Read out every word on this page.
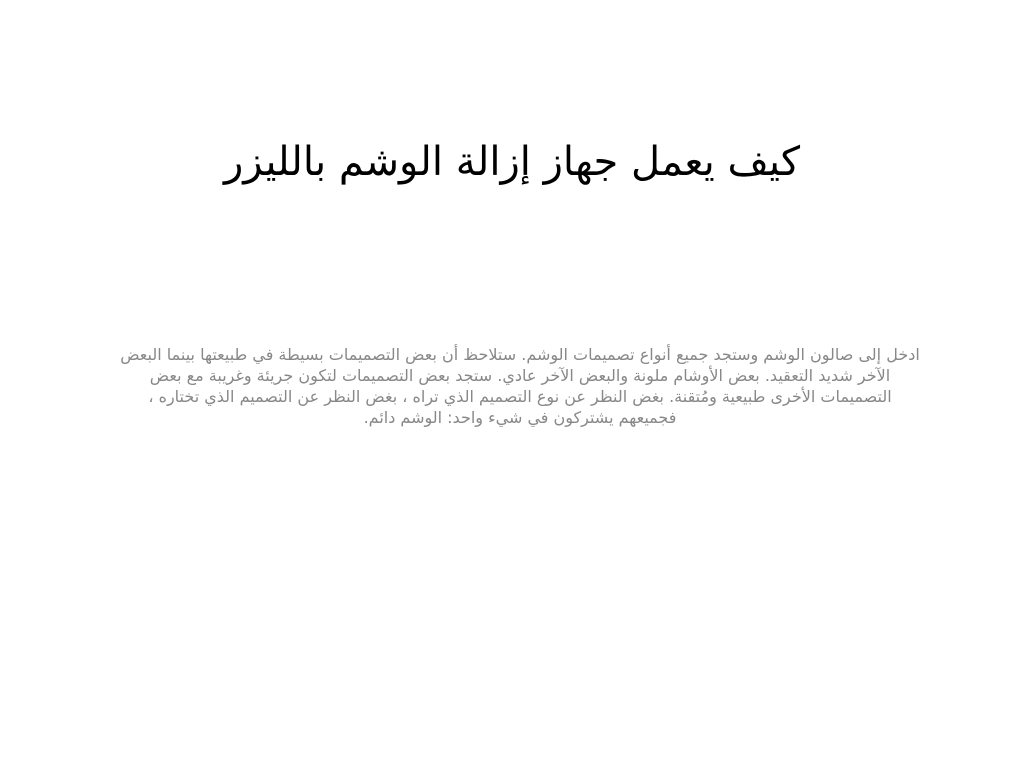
كيف يعمل جهاز إزالة الوشم بالليزر

ادخل إلى صالون الوشم وستجد جميع أنواع تصميمات الوشم. ستلاحظ أن بعض التصميمات بسيطة في طبيعتها بينما البعض الآخر شديد التعقيد. بعض الأوشام ملونة والبعض الآخر عادي. ستجد بعض التصميمات لتكون جريئة وغريبة مع بعض التصميمات الأخرى طبيعية ومُتقنة. بغض النظر عن نوع التصميم الذي تراه ، بغض النظر عن التصميم الذي تختاره ، فجميعهم يشتركون في شيء واحد: الوشم دائم.
